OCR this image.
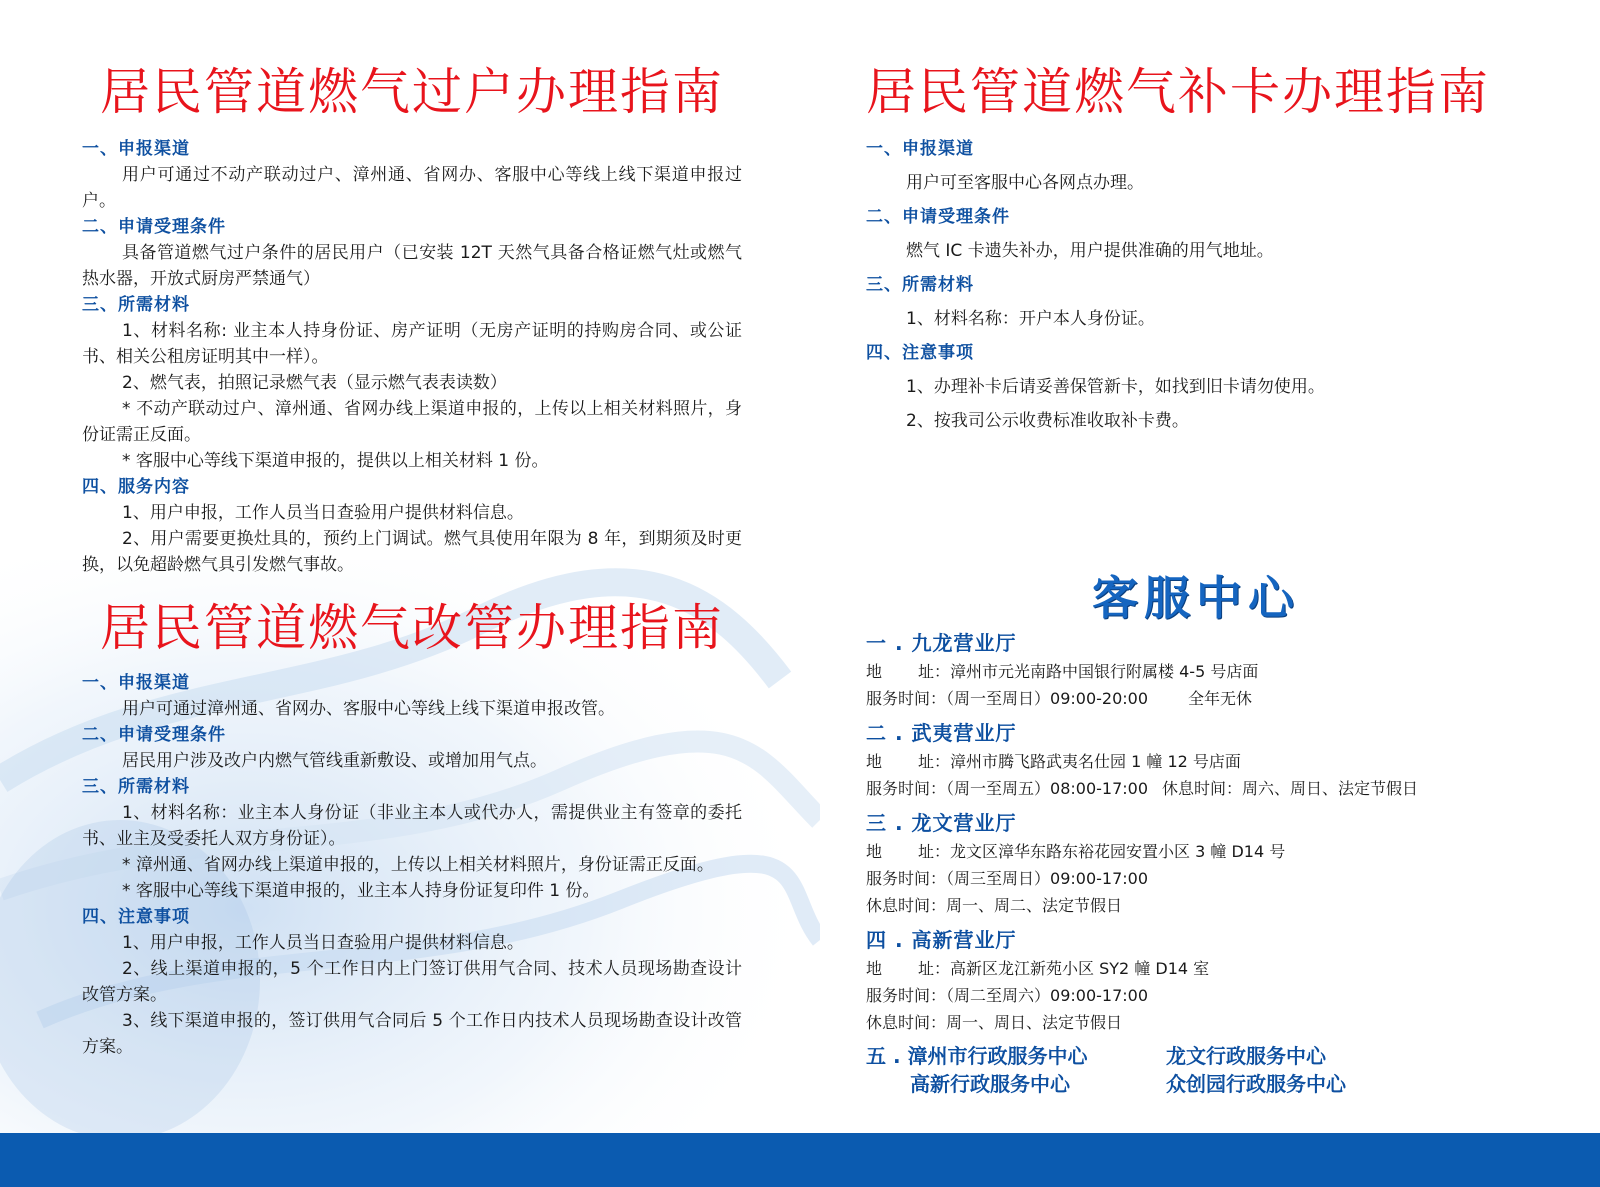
居民管道燃气过户办理指南

一、申报渠道

用户可通过不动产联动过户、漳州通、省网办、客服中心等线上线下渠道申报过户。

二、申请受理条件

具备管道燃气过户条件的居民用户（已安装 12T 天然气具备合格证燃气灶或燃气热水器，开放式厨房严禁通气）

三、所需材料

1、材料名称: 业主本人持身份证、房产证明（无房产证明的持购房合同、或公证书、相关公租房证明其中一样）。

2、燃气表，拍照记录燃气表（显示燃气表表读数）

* 不动产联动过户、漳州通、省网办线上渠道申报的，上传以上相关材料照片，身份证需正反面。

* 客服中心等线下渠道申报的，提供以上相关材料 1 份。

四、服务内容

1、用户申报，工作人员当日查验用户提供材料信息。

2、用户需要更换灶具的，预约上门调试。燃气具使用年限为 8 年，到期须及时更换，以免超龄燃气具引发燃气事故。

居民管道燃气改管办理指南

一、申报渠道

用户可通过漳州通、省网办、客服中心等线上线下渠道申报改管。

二、申请受理条件

居民用户涉及改户内燃气管线重新敷设、或增加用气点。

三、所需材料

1、材料名称：业主本人身份证（非业主本人或代办人，需提供业主有签章的委托书、业主及受委托人双方身份证）。

* 漳州通、省网办线上渠道申报的，上传以上相关材料照片，身份证需正反面。

* 客服中心等线下渠道申报的，业主本人持身份证复印件 1 份。

四、注意事项

1、用户申报，工作人员当日查验用户提供材料信息。

2、线上渠道申报的，5 个工作日内上门签订供用气合同、技术人员现场勘查设计改管方案。

3、线下渠道申报的，签订供用气合同后 5 个工作日内技术人员现场勘查设计改管方案。

居民管道燃气补卡办理指南

一、申报渠道

用户可至客服中心各网点办理。

二、申请受理条件

燃气 IC 卡遗失补办，用户提供准确的用气地址。

三、所需材料

1、材料名称：开户本人身份证。

四、注意事项

1、办理补卡后请妥善保管新卡，如找到旧卡请勿使用。

2、按我司公示收费标准收取补卡费。

客服中心

一 . 九龙营业厅

地 址：漳州市元光南路中国银行附属楼 4-5 号店面

服务时间：（周一至周日）09:00-20:00	全年无休

二 . 武夷营业厅

地 址：漳州市腾飞路武夷名仕园 1 幢 12 号店面

服务时间：（周一至周五）08:00-17:00 休息时间：周六、周日、法定节假日

三 . 龙文营业厅

地 址：龙文区漳华东路东裕花园安置小区 3 幢 D14 号

服务时间：（周三至周日）09:00-17:00

休息时间：周一、周二、法定节假日

四 . 高新营业厅

地 址：高新区龙江新苑小区 SY2 幢 D14 室

服务时间：（周二至周六）09:00-17:00

休息时间：周一、周日、法定节假日

五 . 漳州市行政服务中心	龙文行政服务中心
高新行政服务中心	众创园行政服务中心
